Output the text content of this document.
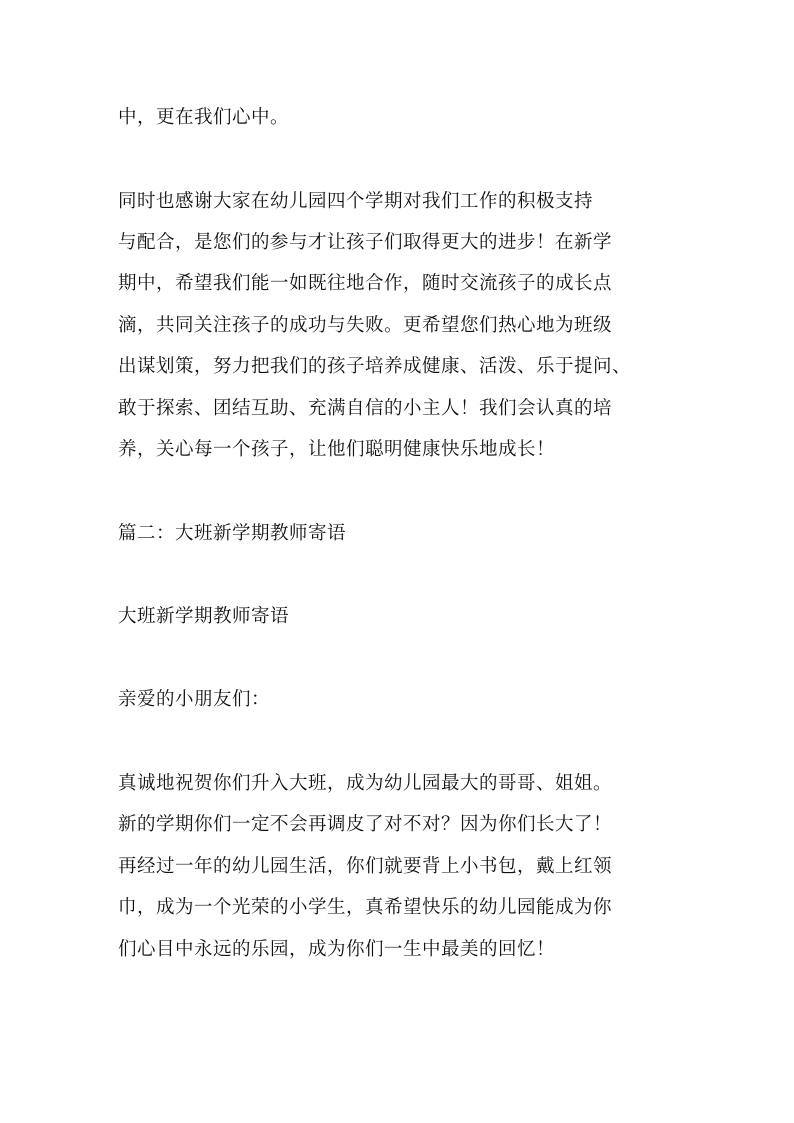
中，更在我们心中。
同时也感谢大家在幼儿园四个学期对我们工作的积极支持
与配合，是您们的参与才让孩子们取得更大的进步！在新学
期中，希望我们能一如既往地合作，随时交流孩子的成长点
滴，共同关注孩子的成功与失败。更希望您们热心地为班级
出谋划策，努力把我们的孩子培养成健康、活泼、乐于提问、
敢于探索、团结互助、充满自信的小主人！我们会认真的培
养，关心每一个孩子，让他们聪明健康快乐地成长！
篇二：大班新学期教师寄语
大班新学期教师寄语
亲爱的小朋友们：
真诚地祝贺你们升入大班，成为幼儿园最大的哥哥、姐姐。
新的学期你们一定不会再调皮了对不对？因为你们长大了！
再经过一年的幼儿园生活，你们就要背上小书包，戴上红领
巾，成为一个光荣的小学生，真希望快乐的幼儿园能成为你
们心目中永远的乐园，成为你们一生中最美的回忆！
